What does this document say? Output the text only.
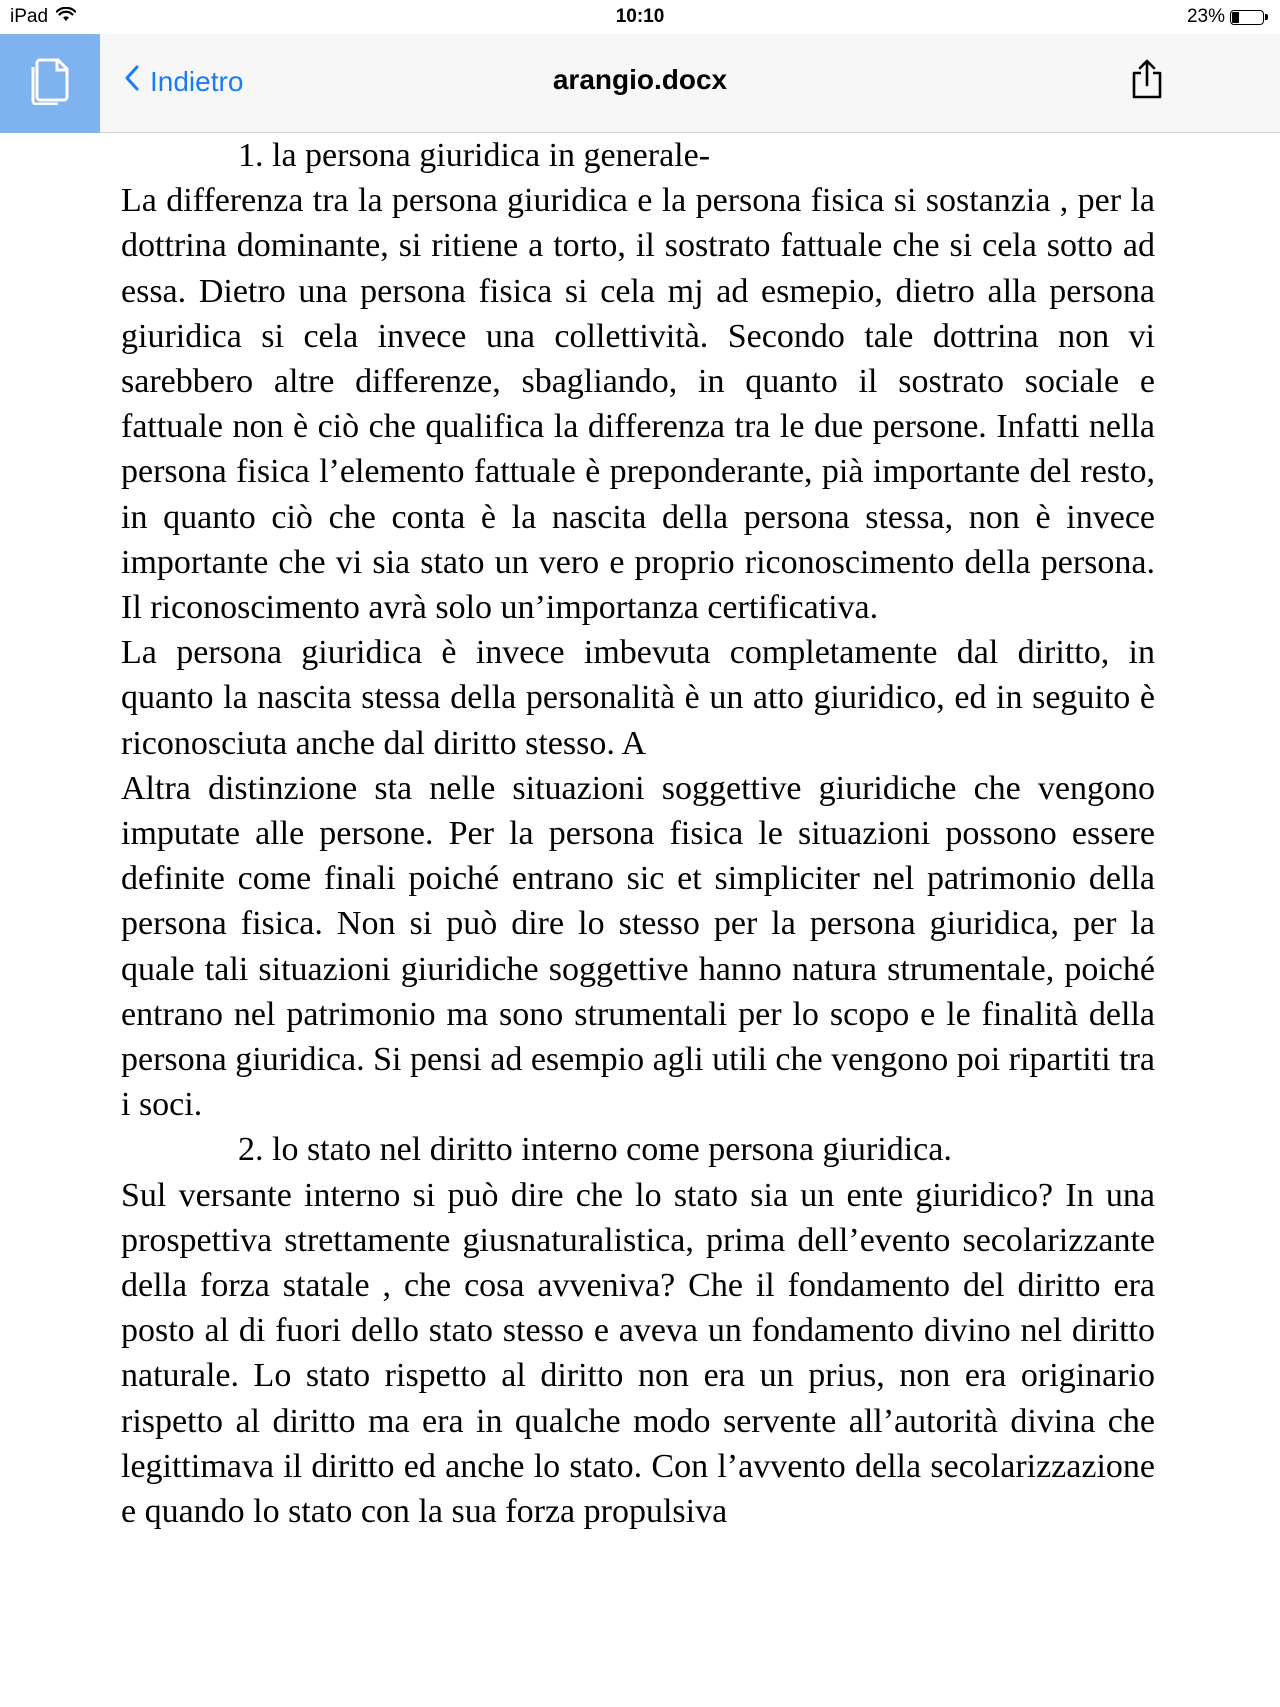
iPad	10:10	23%
Indietro	arangio.docx

1. la persona giuridica in generale-

La differenza tra la persona giuridica e la persona fisica si sostanzia , per la dottrina dominante, si ritiene a torto, il sostrato fattuale che si cela sotto ad essa. Dietro una persona fisica si cela mj ad esmepio, dietro alla persona giuridica si cela invece una collettività. Secondo tale dottrina non vi sarebbero altre differenze, sbagliando, in quanto il sostrato sociale e fattuale non è ciò che qualifica la differenza tra le due persone. Infatti nella persona fisica l’elemento fattuale è preponderante, pià importante del resto, in quanto ciò che conta è la nascita della persona stessa, non è invece importante che vi sia stato un vero e proprio riconoscimento della persona. Il riconoscimento avrà solo un’importanza certificativa.

La persona giuridica è invece imbevuta completamente dal diritto, in quanto la nascita stessa della personalità è un atto giuridico, ed in seguito è riconosciuta anche dal diritto stesso. A

Altra distinzione sta nelle situazioni soggettive giuridiche che vengono imputate alle persone. Per la persona fisica le situazioni possono essere definite come finali poiché entrano sic et simpliciter nel patrimonio della persona fisica. Non si può dire lo stesso per la persona giuridica, per la quale tali situazioni giuridiche soggettive hanno natura strumentale, poiché entrano nel patrimonio ma sono strumentali per lo scopo e le finalità della persona giuridica. Si pensi ad esempio agli utili che vengono poi ripartiti tra i soci.

2. lo stato nel diritto interno come persona giuridica.

Sul versante interno si può dire che lo stato sia un ente giuridico? In una prospettiva strettamente giusnaturalistica, prima dell’evento secolarizzante della forza statale , che cosa avveniva? Che il fondamento del diritto era posto al di fuori dello stato stesso e aveva un fondamento divino nel diritto naturale. Lo stato rispetto al diritto non era un prius, non era originario rispetto al diritto ma era in qualche modo servente all’autorità divina che legittimava il diritto ed anche lo stato. Con l’avvento della secolarizzazione e quando lo stato con la sua forza propulsiva
